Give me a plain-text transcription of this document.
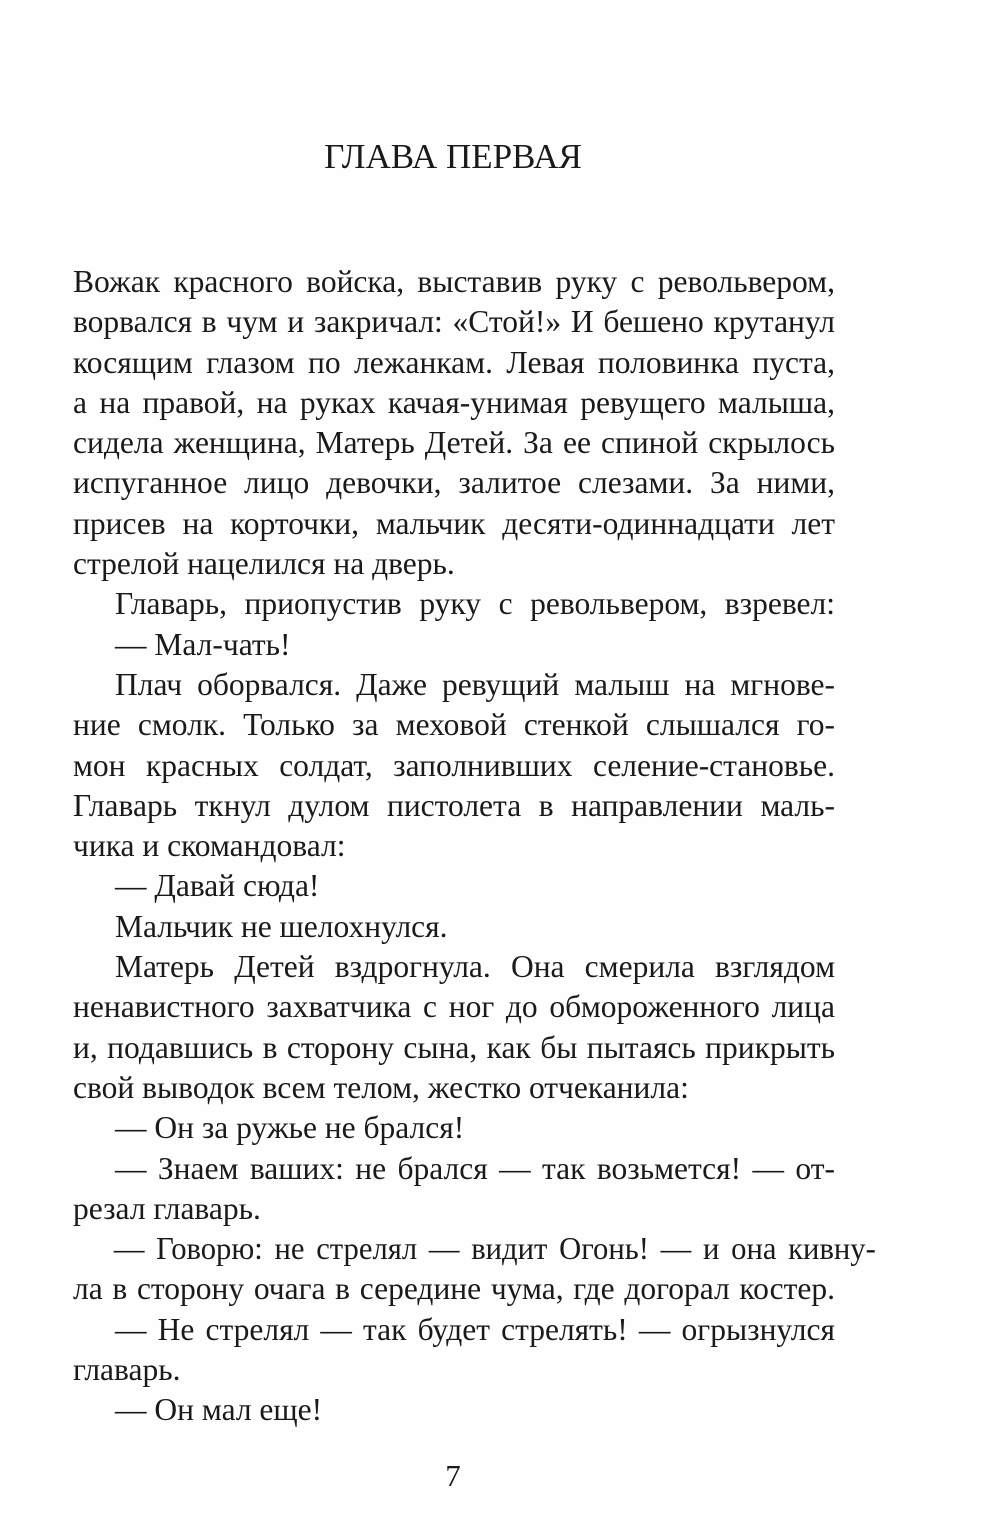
ГЛАВА ПЕРВАЯ
Вожак красного войска, выставив руку с револьвером,
ворвался в чум и закричал: «Стой!» И бешено крутанул
косящим глазом по лежанкам. Левая половинка пуста,
а на правой, на руках качая-унимая ревущего малыша,
сидела женщина, Матерь Детей. За ее спиной скрылось
испуганное лицо девочки, залитое слезами. За ними,
присев на корточки, мальчик десяти-одиннадцати лет
стрелой нацелился на дверь.
Главарь, приопустив руку с револьвером, взревел:
— Мал-чать!
Плач оборвался. Даже ревущий малыш на мгнове-
ние смолк. Только за меховой стенкой слышался го-
мон красных солдат, заполнивших селение-становье.
Главарь ткнул дулом пистолета в направлении маль-
чика и скомандовал:
— Давай сюда!
Мальчик не шелохнулся.
Матерь Детей вздрогнула. Она смерила взглядом
ненавистного захватчика с ног до обмороженного лица
и, подавшись в сторону сына, как бы пытаясь прикрыть
свой выводок всем телом, жестко отчеканила:
— Он за ружье не брался!
— Знаем ваших: не брался — так возьмется! — от-
резал главарь.
— Говорю: не стрелял — видит Огонь! — и она кивну-
ла в сторону очага в середине чума, где догорал костер.
— Не стрелял — так будет стрелять! — огрызнулся
главарь.
— Он мал еще!
7
